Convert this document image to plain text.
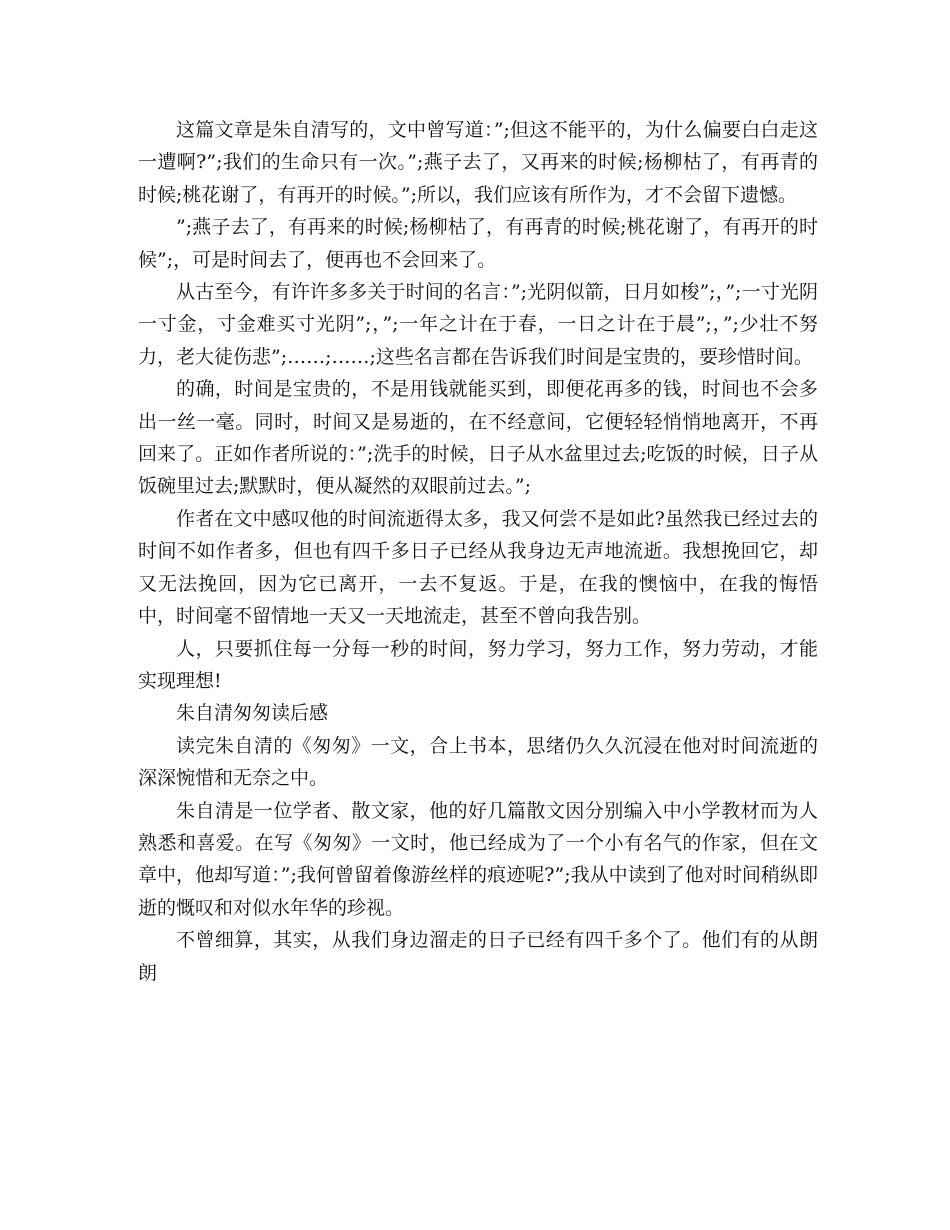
这篇文章是朱自清写的，文中曾写道：”;但这不能平的，为什么偏要白白走这一遭啊?”;我们的生命只有一次。”;燕子去了，又再来的时候;杨柳枯了，有再青的时候;桃花谢了，有再开的时候。”;所以，我们应该有所作为，才不会留下遗憾。

”;燕子去了，有再来的时候;杨柳枯了，有再青的时候;桃花谢了，有再开的时候”;，可是时间去了，便再也不会回来了。

从古至今，有许许多多关于时间的名言：”;光阴似箭，日月如梭”;，”;一寸光阴一寸金，寸金难买寸光阴”;，”;一年之计在于春，一日之计在于晨”;，”;少壮不努力，老大徒伤悲”;……;……;这些名言都在告诉我们时间是宝贵的，要珍惜时间。

的确，时间是宝贵的，不是用钱就能买到，即便花再多的钱，时间也不会多出一丝一毫。同时，时间又是易逝的，在不经意间，它便轻轻悄悄地离开，不再回来了。正如作者所说的：”;洗手的时候，日子从水盆里过去;吃饭的时候，日子从饭碗里过去;默默时，便从凝然的双眼前过去。”;

作者在文中感叹他的时间流逝得太多，我又何尝不是如此?虽然我已经过去的时间不如作者多，但也有四千多日子已经从我身边无声地流逝。我想挽回它，却又无法挽回，因为它已离开，一去不复返。于是，在我的懊恼中，在我的悔悟中，时间毫不留情地一天又一天地流走，甚至不曾向我告别。

人，只要抓住每一分每一秒的时间，努力学习，努力工作，努力劳动，才能实现理想!

朱自清匆匆读后感

读完朱自清的《匆匆》一文，合上书本，思绪仍久久沉浸在他对时间流逝的深深惋惜和无奈之中。

朱自清是一位学者、散文家，他的好几篇散文因分别编入中小学教材而为人熟悉和喜爱。在写《匆匆》一文时，他已经成为了一个小有名气的作家，但在文章中，他却写道：”;我何曾留着像游丝样的痕迹呢?”;我从中读到了他对时间稍纵即逝的慨叹和对似水年华的珍视。

不曾细算，其实，从我们身边溜走的日子已经有四千多个了。他们有的从朗朗
